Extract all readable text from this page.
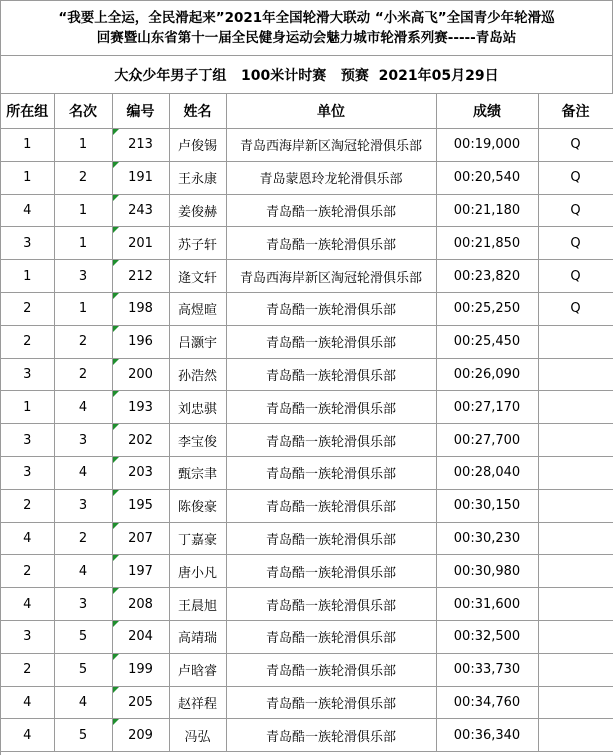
“我要上全运，全民滑起来”2021年全国轮滑大联动 “小米高飞”全国青少年轮滑巡
回赛暨山东省第十一届全民健身运动会魅力城市轮滑系列赛-----青岛站
大众少年男子丁组   100米计时赛   预赛  2021年05月29日
所在组	名次	编号	姓名	单位	成绩	备注
1	1	213	卢俊锡	青岛西海岸新区淘冠轮滑俱乐部	00:19,000	Q
1	2	191	王永康	青岛蒙恩玲龙轮滑俱乐部	00:20,540	Q
4	1	243	姜俊赫	青岛酷一族轮滑俱乐部	00:21,180	Q
3	1	201	苏子轩	青岛酷一族轮滑俱乐部	00:21,850	Q
1	3	212	逄文轩	青岛西海岸新区淘冠轮滑俱乐部	00:23,820	Q
2	1	198	高煜暄	青岛酷一族轮滑俱乐部	00:25,250	Q
2	2	196	吕灏宇	青岛酷一族轮滑俱乐部	00:25,450	
3	2	200	孙浩然	青岛酷一族轮滑俱乐部	00:26,090	
1	4	193	刘忠骐	青岛酷一族轮滑俱乐部	00:27,170	
3	3	202	李宝俊	青岛酷一族轮滑俱乐部	00:27,700	
3	4	203	甄宗聿	青岛酷一族轮滑俱乐部	00:28,040	
2	3	195	陈俊豪	青岛酷一族轮滑俱乐部	00:30,150	
4	2	207	丁嘉豪	青岛酷一族轮滑俱乐部	00:30,230	
2	4	197	唐小凡	青岛酷一族轮滑俱乐部	00:30,980	
4	3	208	王晨旭	青岛酷一族轮滑俱乐部	00:31,600	
3	5	204	高靖瑞	青岛酷一族轮滑俱乐部	00:32,500	
2	5	199	卢晗睿	青岛酷一族轮滑俱乐部	00:33,730	
4	4	205	赵祥程	青岛酷一族轮滑俱乐部	00:34,760	
4	5	209	冯弘	青岛酷一族轮滑俱乐部	00:36,340	
